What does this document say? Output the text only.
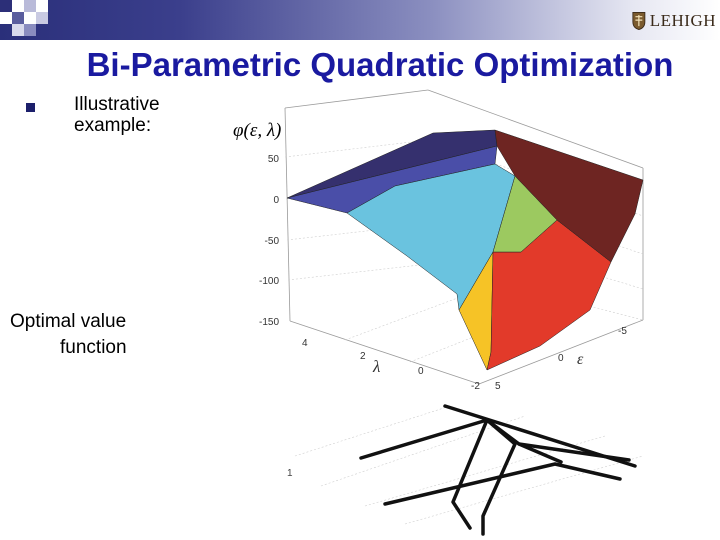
LEHIGH
Bi-Parametric Quadratic Optimization
Illustrative example:
Optimal value
function
φ(ε, λ)
50
0
-50
-100
-150
4
2
0
-2
λ
5
0
-5
ε
1
